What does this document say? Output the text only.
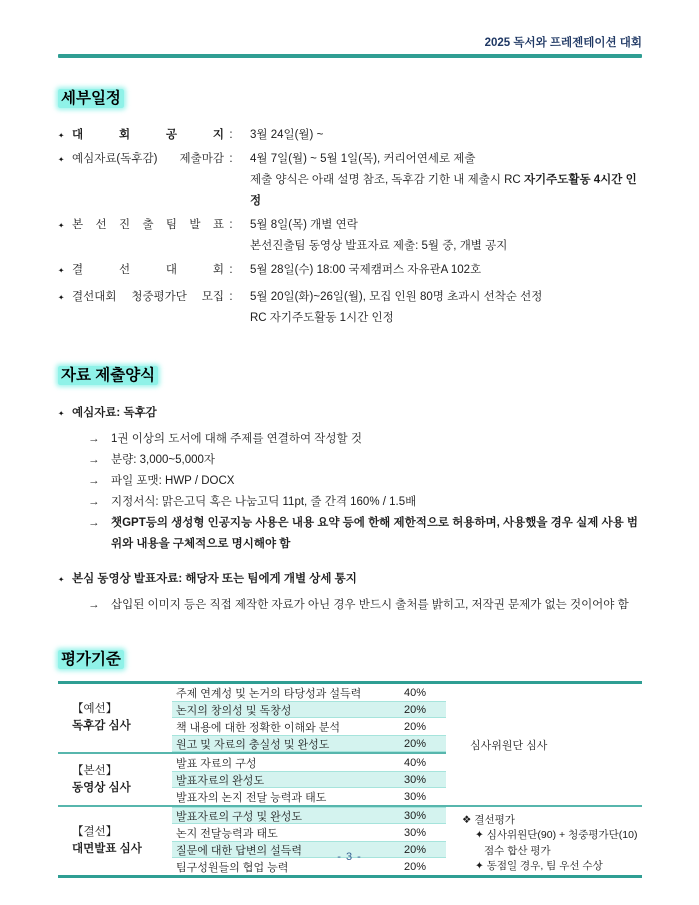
2025 독서와 프레젠테이션 대회
세부일정
✦ 대 회 공 지 :	3월 24일(월) ~
✦ 예심자료(독후감) 제출마감 :	4월 7일(월) ~ 5월 1일(목), 커리어연세로 제출
제출 양식은 아래 설명 참조, 독후감 기한 내 제출시 RC 자기주도활동 4시간 인정
✦ 본 선 진 출 팀 발 표 :	5월 8일(목) 개별 연락
본선진출팀 동영상 발표자료 제출: 5월 중, 개별 공지
✦ 결 선 대 회 :	5월 28일(수) 18:00 국제캠퍼스 자유관A 102호
✦ 결선대회 청중평가단 모집 :	5월 20일(화)~26일(월), 모집 인원 80명 초과시 선착순 선정
RC 자기주도활동 1시간 인정
자료 제출양식
✦ 예심자료: 독후감
→	1권 이상의 도서에 대해 주제를 연결하여 작성할 것
→	분량: 3,000~5,000자
→	파일 포맷: HWP / DOCX
→	지정서식: 맑은고딕 혹은 나눔고딕 11pt, 줄 간격 160% / 1.5배
→	챗GPT등의 생성형 인공지능 사용은 내용 요약 등에 한해 제한적으로 허용하며, 사용했을 경우 실제 사용 범위와 내용을 구체적으로 명시해야 함
✦ 본심 동영상 발표자료: 해당자 또는 팀에게 개별 상세 통지
→	삽입된 이미지 등은 직접 제작한 자료가 아닌 경우 반드시 출처를 밝히고, 저작권 문제가 없는 것이어야 함
평가기준
【예선】
독후감 심사
주제 연계성 및 논거의 타당성과 설득력	40%
논지의 창의성 및 독창성	20%
책 내용에 대한 정확한 이해와 분석	20%
원고 및 자료의 충실성 및 완성도	20%
【본선】
동영상 심사
발표 자료의 구성	40%
발표자료의 완성도	30%
발표자의 논지 전달 능력과 태도	30%
【결선】
대면발표 심사
발표자료의 구성 및 완성도	30%
논지 전달능력과 태도	30%
질문에 대한 답변의 설득력	20%
팀구성원들의 협업 능력	20%
심사위원단 심사
❖ 결선평가
✦ 심사위원단(90) + 청중평가단(10)
점수 합산 평가
✦ 동점일 경우, 팀 우선 수상
- 3 -
